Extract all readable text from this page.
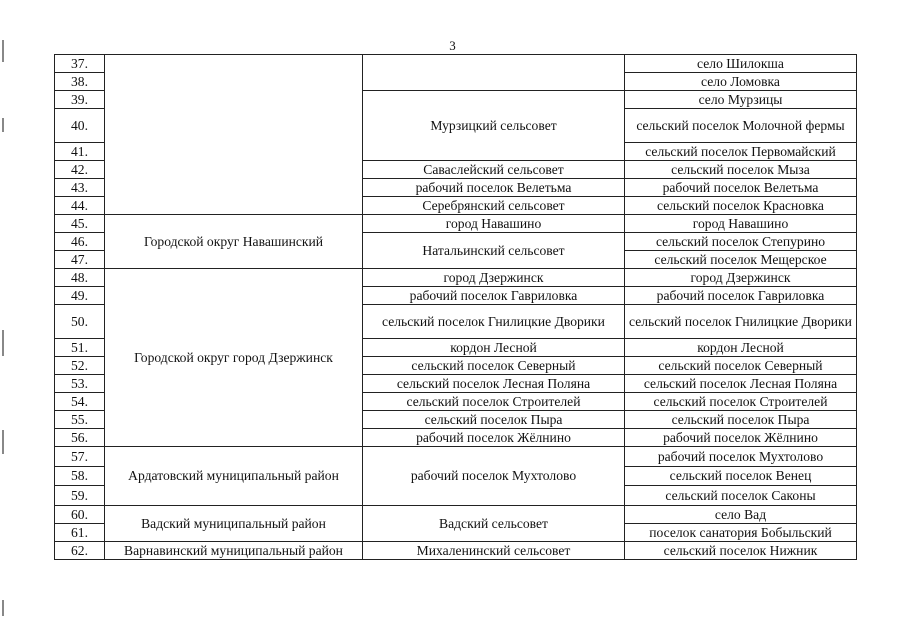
3
37.			село Шилокша
38.			село Ломовка
39.		Мурзицкий сельсовет	село Мурзицы
40.			сельский поселок Молочной фермы
41.			сельский поселок Первомайский
42.		Саваслейский сельсовет	сельский поселок Мыза
43.		рабочий поселок Велетьма	рабочий поселок Велетьма
44.		Серебрянский сельсовет	сельский поселок Красновка
45.	Городской округ Навашинский	город Навашино	город Навашино
46.		Натальинский сельсовет	сельский поселок Степурино
47.			сельский поселок Мещерское
48.	Городской округ город Дзержинск	город Дзержинск	город Дзержинск
49.		рабочий поселок Гавриловка	рабочий поселок Гавриловка
50.		сельский поселок Гнилицкие Дворики	сельский поселок Гнилицкие Дворики
51.		кордон Лесной	кордон Лесной
52.		сельский поселок Северный	сельский поселок Северный
53.		сельский поселок Лесная Поляна	сельский поселок Лесная Поляна
54.		сельский поселок Строителей	сельский поселок Строителей
55.		сельский поселок Пыра	сельский поселок Пыра
56.		рабочий поселок Жёлнино	рабочий поселок Жёлнино
57.	Ардатовский муниципальный район	рабочий поселок Мухтолово	рабочий поселок Мухтолово
58.			сельский поселок Венец
59.			сельский поселок Саконы
60.	Вадский муниципальный район	Вадский сельсовет	село Вад
61.			поселок санатория Бобыльский
62.	Варнавинский муниципальный район	Михаленинский сельсовет	сельский поселок Нижник
